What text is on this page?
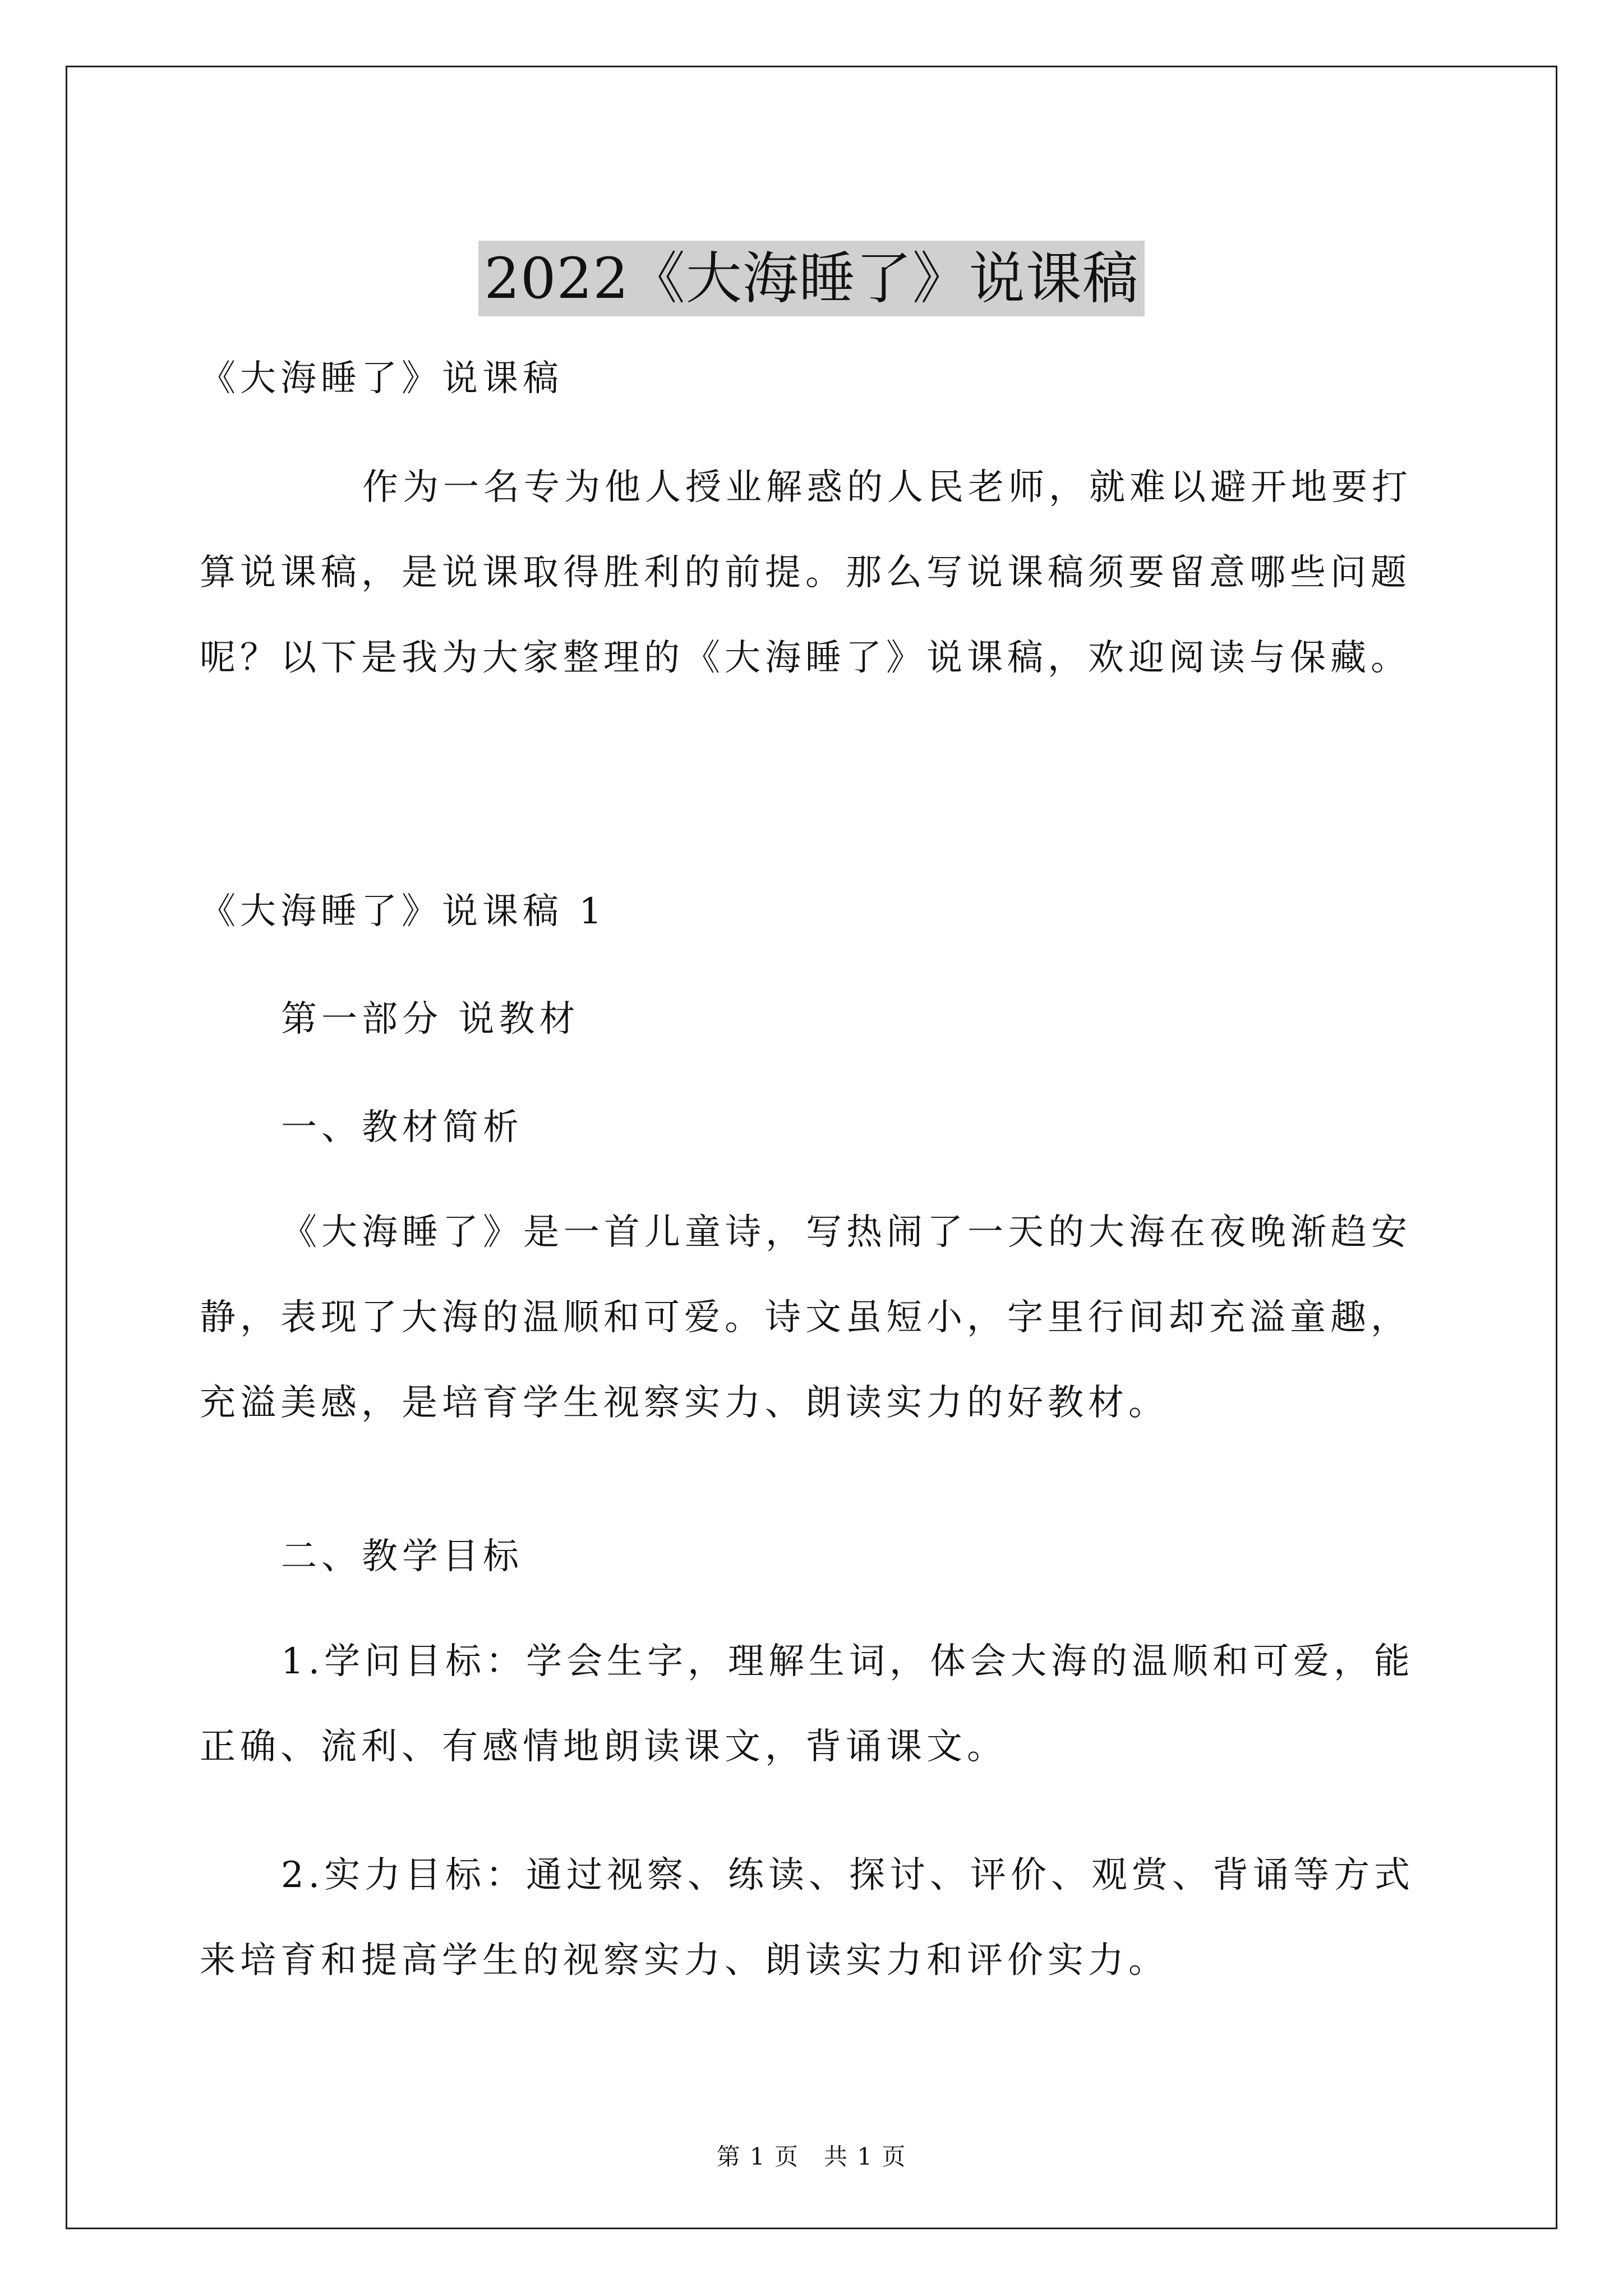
2022《大海睡了》说课稿

《大海睡了》说课稿

作为一名专为他人授业解惑的人民老师，就难以避开地要打算说课稿，是说课取得胜利的前提。那么写说课稿须要留意哪些问题呢？以下是我为大家整理的《大海睡了》说课稿，欢迎阅读与保藏。

《大海睡了》说课稿 1

第一部分 说教材

一、教材简析

《大海睡了》是一首儿童诗，写热闹了一天的大海在夜晚渐趋安静，表现了大海的温顺和可爱。诗文虽短小，字里行间却充溢童趣，充溢美感，是培育学生视察实力、朗读实力的好教材。

二、教学目标

1.学问目标：学会生字，理解生词，体会大海的温顺和可爱，能正确、流利、有感情地朗读课文，背诵课文。

2.实力目标：通过视察、练读、探讨、评价、观赏、背诵等方式来培育和提高学生的视察实力、朗读实力和评价实力。

第 1 页　共 1 页
